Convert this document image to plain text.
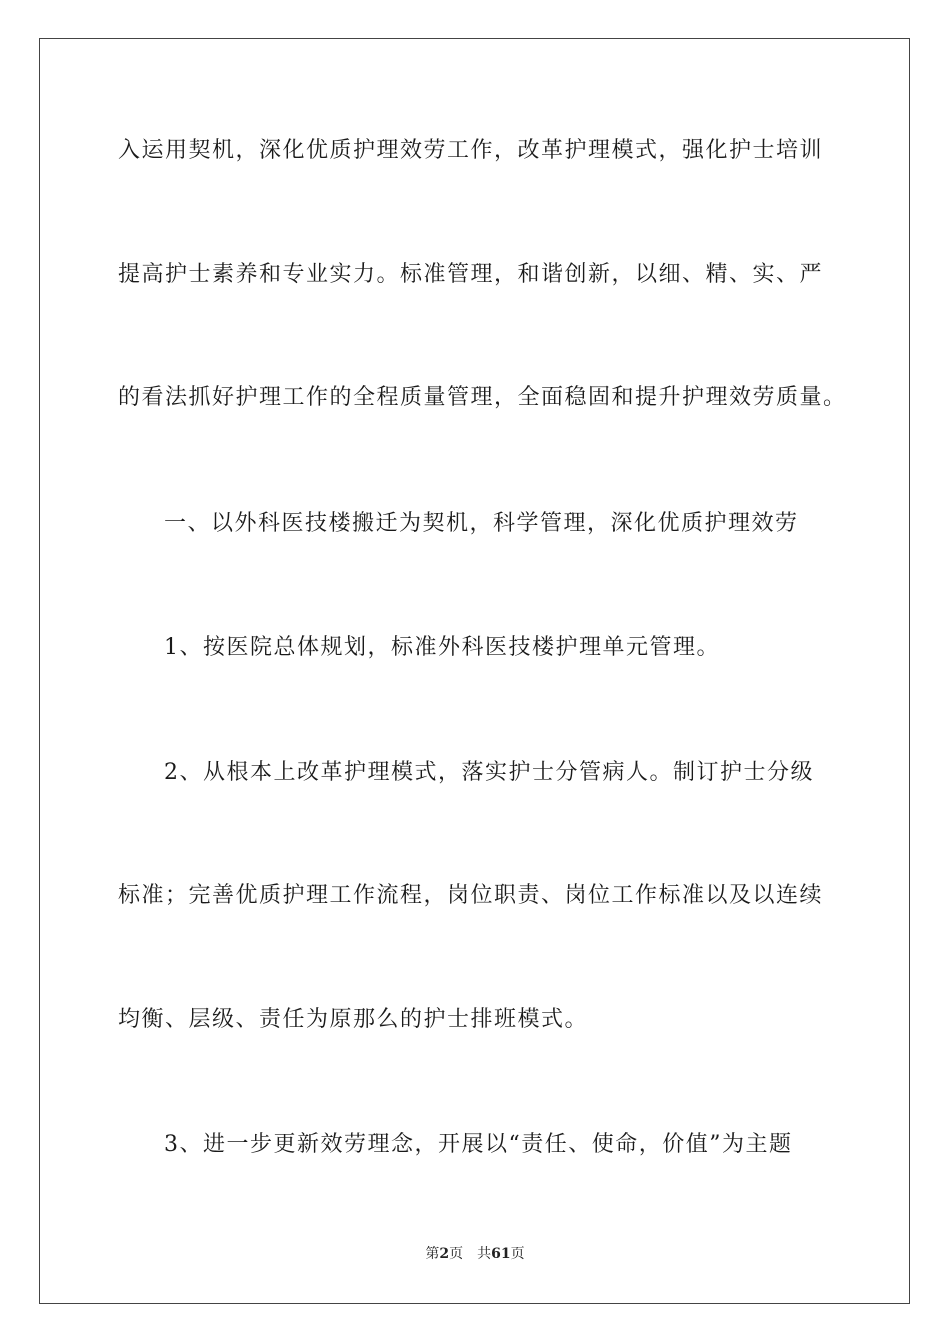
入运用契机，深化优质护理效劳工作，改革护理模式，强化护士培训
提高护士素养和专业实力。标准管理，和谐创新，以细、精、实、严
的看法抓好护理工作的全程质量管理，全面稳固和提升护理效劳质量。
一、以外科医技楼搬迁为契机，科学管理，深化优质护理效劳
1、按医院总体规划，标准外科医技楼护理单元管理。
2、从根本上改革护理模式，落实护士分管病人。制订护士分级
标准；完善优质护理工作流程，岗位职责、岗位工作标准以及以连续
均衡、层级、责任为原那么的护士排班模式。
3、进一步更新效劳理念，开展以“责任、使命，价值”为主题
第2页 共61页
